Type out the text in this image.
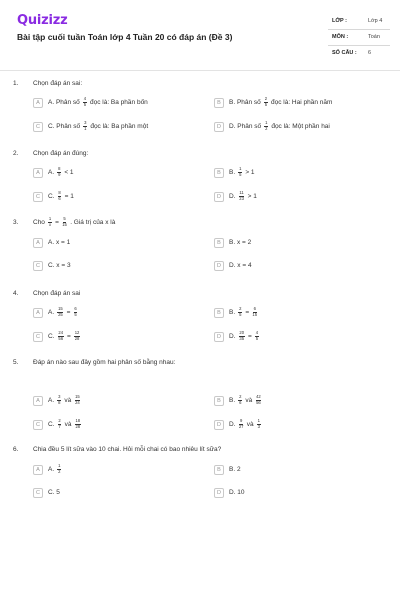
Quizizz
Bài tập cuối tuần Toán lớp 4 Tuần 20 có đáp án (Đề 3)
LỚP :	Lớp 4
MÔN :	Toán
SỐ CÂU : 6
1. Chọn đáp án sai:
A	A. Phân số
$\frac{4}{5}$
đọc là: Ba phần bốn	B	B. Phân số
$\frac{2}{5}$
đọc là: Hai phần năm
C	C. Phân số
$\frac{3}{1}$
đọc là: Ba phần một	D	D. Phân số
$\frac{1}{2}$
đọc là: Một phần hai
2. Chọn đáp án đúng:
A	A.
$\frac{8}{9}$
< 1	B	B.
$\frac{1}{5}$
> 1
C	C.
$\frac{8}{6}$
= 1	D	D.
$\frac{11}{23}$
> 1
3. Cho $\frac{1}{x} = \frac{5}{15}$ . Giá trị của x là
A	A. x = 1	B	B. x = 2
C	C. x = 3	D	D. x = 4
4. Chọn đáp án sai
A	A.
$\frac{15}{25}$
=
$\frac{6}{5}$	B	B.
$\frac{2}{5}$
=
$\frac{6}{15}$
C	C.
$\frac{24}{56}$
=
$\frac{12}{28}$	D	D.
$\frac{20}{35}$
=
$\frac{4}{5}$
5. Đáp án nào sau đây gồm hai phân số bằng nhau:
A	A.
$\frac{3}{8}$
và
$\frac{15}{24}$	B	B.
$\frac{2}{6}$
và
$\frac{42}{56}$
C	C.
$\frac{2}{7}$
và
$\frac{18}{28}$	D	D.
$\frac{9}{27}$
và
$\frac{1}{3}$
6. Chia đều 5 lít sữa vào 10 chai. Hỏi mỗi chai có bao nhiêu lít sữa?
A	A.
$\frac{1}{2}$	B	B. 2
C	C. 5	D	D. 10
